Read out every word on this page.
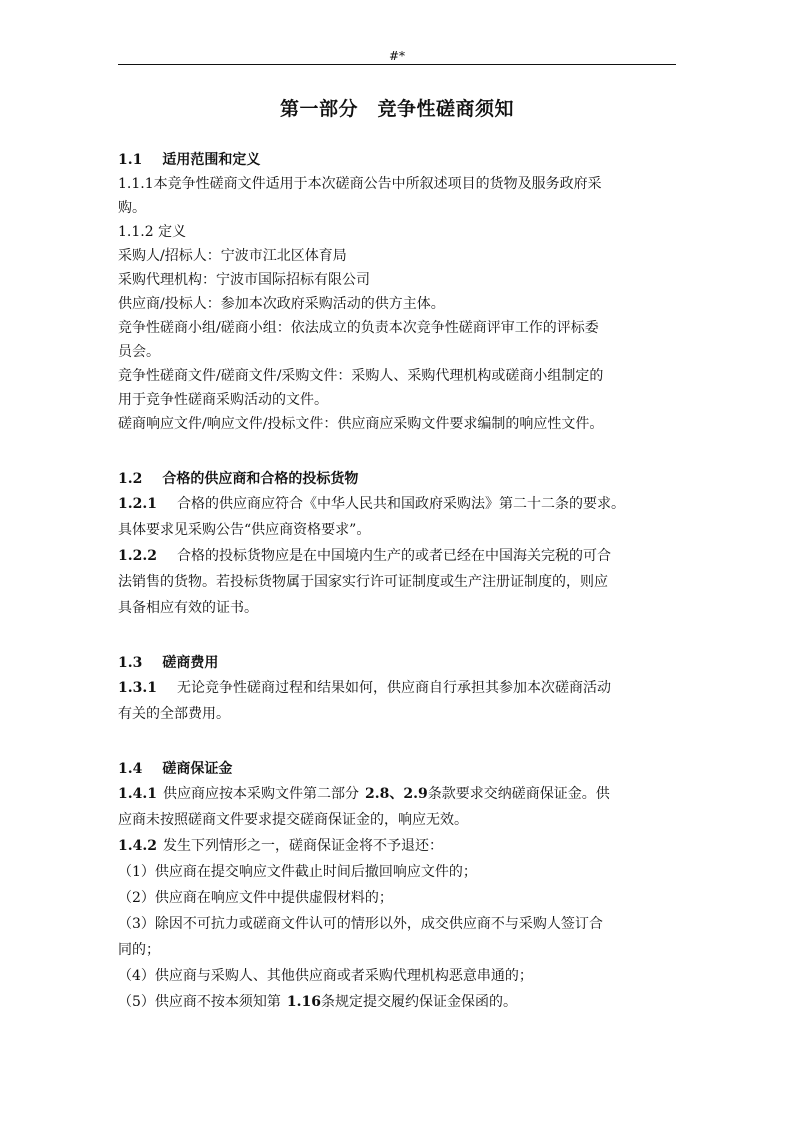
#*
第一部分　竞争性磋商须知

1.1 适用范围和定义

1.1.1本竞争性磋商文件适用于本次磋商公告中所叙述项目的货物及服务政府采

购。

1.1.2 定义

采购人/招标人：宁波市江北区体育局

采购代理机构：宁波市国际招标有限公司

供应商/投标人：参加本次政府采购活动的供方主体。

竞争性磋商小组/磋商小组：依法成立的负责本次竞争性磋商评审工作的评标委

员会。

竞争性磋商文件/磋商文件/采购文件：采购人、采购代理机构或磋商小组制定的

用于竞争性磋商采购活动的文件。

磋商响应文件/响应文件/投标文件：供应商应采购文件要求编制的响应性文件。

1.2 合格的供应商和合格的投标货物

1.2.1 合格的供应商应符合《中华人民共和国政府采购法》第二十二条的要求。

具体要求见采购公告“供应商资格要求”。

1.2.2 合格的投标货物应是在中国境内生产的或者已经在中国海关完税的可合

法销售的货物。若投标货物属于国家实行许可证制度或生产注册证制度的，则应

具备相应有效的证书。

1.3 磋商费用

1.3.1 无论竞争性磋商过程和结果如何，供应商自行承担其参加本次磋商活动

有关的全部费用。

1.4 磋商保证金

1.4.1 供应商应按本采购文件第二部分 2.8、2.9条款要求交纳磋商保证金。供

应商未按照磋商文件要求提交磋商保证金的，响应无效。

1.4.2 发生下列情形之一，磋商保证金将不予退还：

（1）供应商在提交响应文件截止时间后撤回响应文件的；

（2）供应商在响应文件中提供虚假材料的；

（3）除因不可抗力或磋商文件认可的情形以外，成交供应商不与采购人签订合

同的；

（4）供应商与采购人、其他供应商或者采购代理机构恶意串通的；

（5）供应商不按本须知第 1.16条规定提交履约保证金保函的。
